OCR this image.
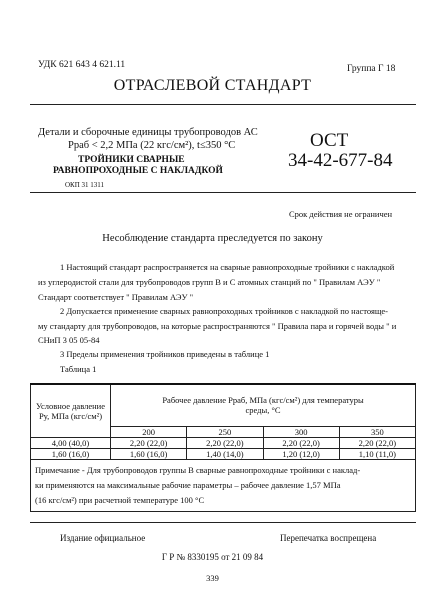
УДК 621 643 4 621.11	Группа Г 18
ОТРАСЛЕВОЙ СТАНДАРТ
Детали и сборочные единицы трубопроводов АС
Рраб < 2,2 МПа (22 кгс/см²), t≤350 °С
ТРОЙНИКИ СВАРНЫЕ
РАВНОПРОХОДНЫЕ С НАКЛАДКОЙ
ОКП 31 1311
ОСТ
34-42-677-84
Срок действия не ограничен
Несоблюдение стандарта преследуется по закону
1 Настоящий стандарт распространяется на сварные равнопроходные тройники с накладкой
из углеродистой стали для трубопроводов групп В и С атомных станций по " Правилам АЭУ "
Стандарт соответствует " Правилам АЭУ "
2 Допускается применение сварных равнопроходных тройников с накладкой по настояще-
му стандарту для трубопроводов, на которые распространяются " Правила пара и горячей воды " и
СНиП 3 05 05-84
3 Пределы применения тройников приведены в таблице 1
Таблица 1
Условное давление Ру, МПа (кгс/см²)	Рабочее давление Рраб, МПа (кгс/см²) для температуры среды, °С			
	200	250	300	350
4,00 (40,0)	2,20 (22,0)	2,20 (22,0)	2,20 (22,0)	2,20 (22,0)
1,60 (16,0)	1,60 (16,0)	1,40 (14,0)	1,20 (12,0)	1,10 (11,0)

Примечание - Для трубопроводов группы В сварные равнопроходные тройники с наклад-
ки применяются на максимальные рабочие параметры – рабочее давление 1,57 МПа
(16 кгс/см²) при расчетной температуре 100 °С				
Издание официальное	Перепечатка воспрещена
Г Р № 8330195 от 21 09 84
339
